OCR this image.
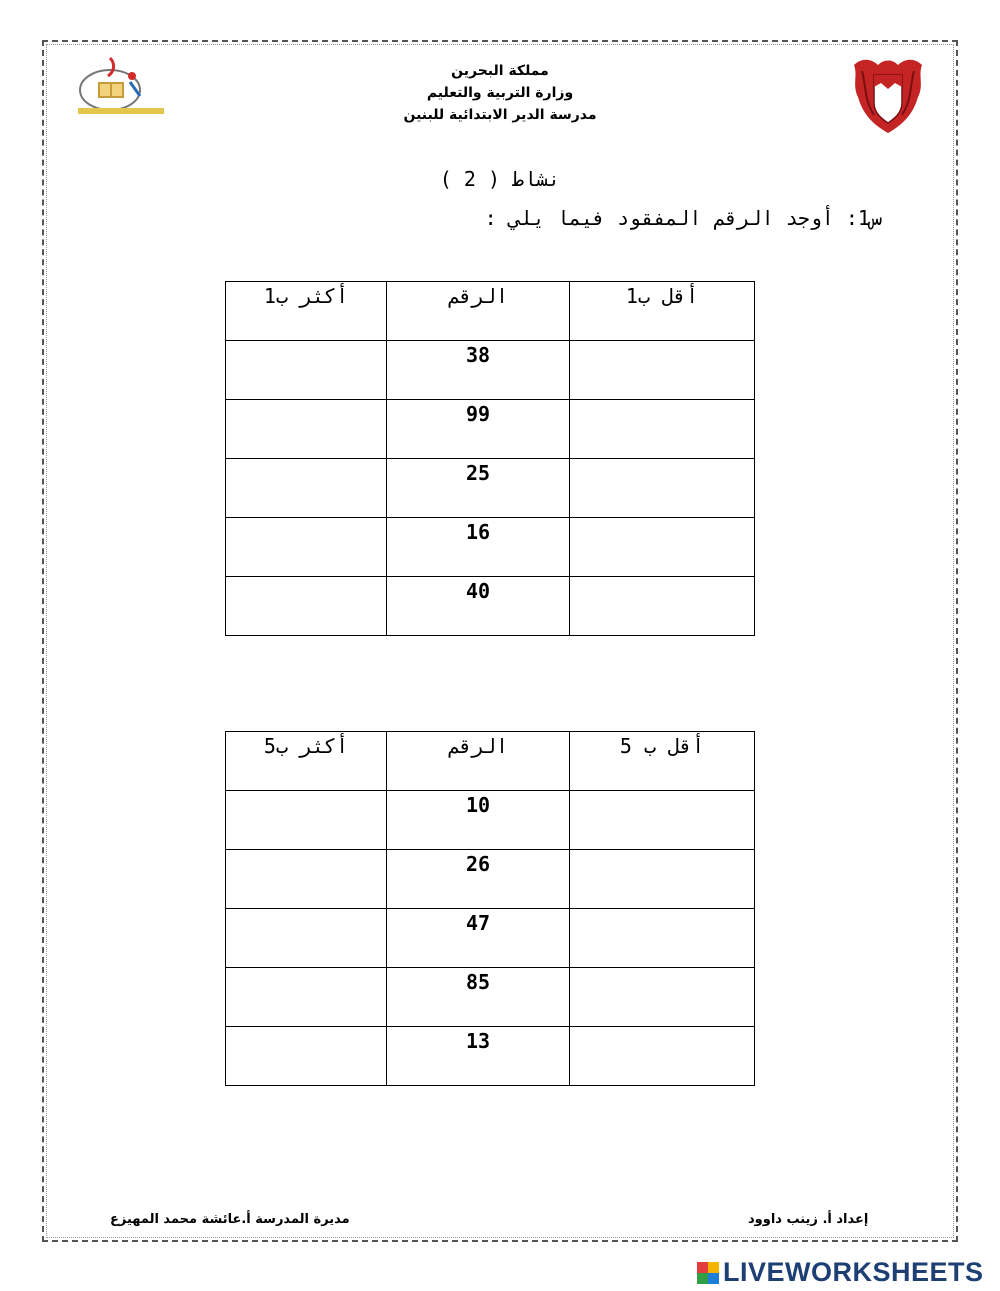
مملكة البحرين
وزارة التربية والتعليم
مدرسة الدير الابتدائية للبنين
نشاط ( 2 )
س1: أوجد الرقم المفقود فيما يلي :
أقل ب1	الرقم	أكثر ب1
	38	
	99	
	25	
	16	
	40	
أقل ب 5	الرقم	أكثر ب5
	10	
	26	
	47	
	85	
	13	
مديرة المدرسة أ.عائشة محمد المهيزع	إعداد أ. زينب داوود
LIVEWORKSHEETS
